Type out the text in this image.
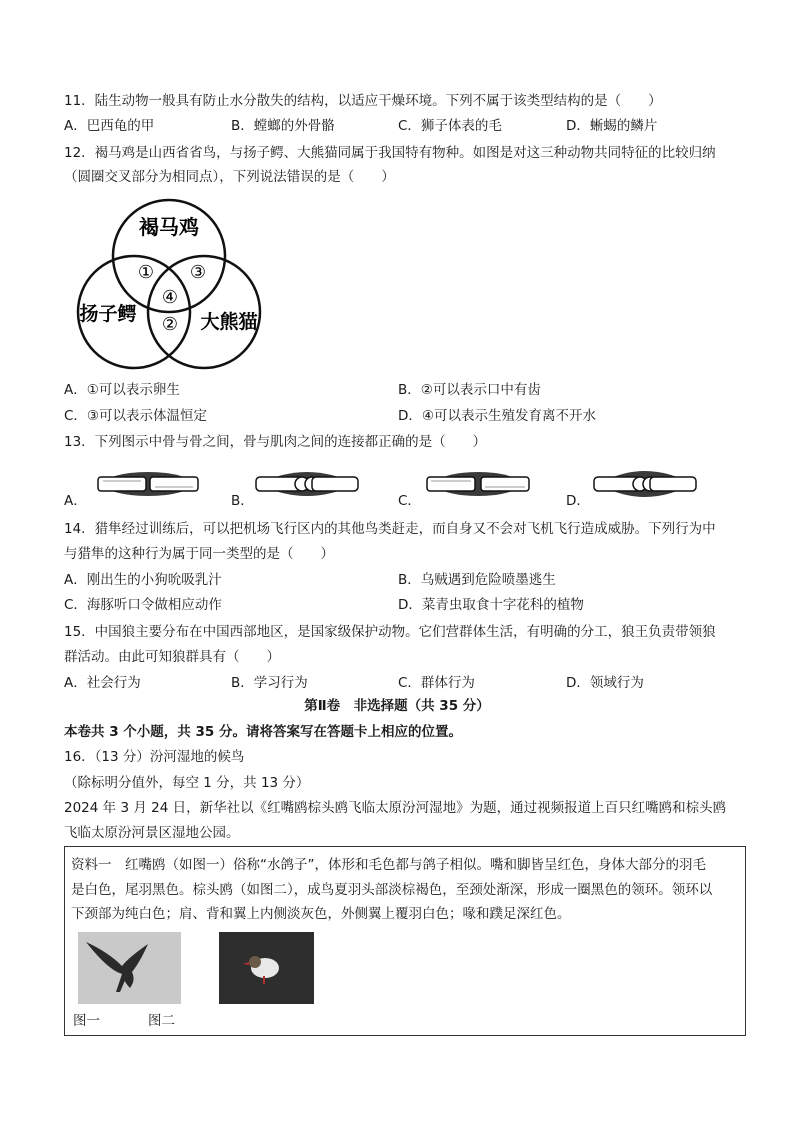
11．陆生动物一般具有防止水分散失的结构，以适应干燥环境。下列不属于该类型结构的是（　　）
A．巴西龟的甲	B．螳螂的外骨骼	C．狮子体表的毛	D．蜥蜴的鳞片
12．褐马鸡是山西省省鸟，与扬子鳄、大熊猫同属于我国特有物种。如图是对这三种动物共同特征的比较归纳
（圆圈交叉部分为相同点），下列说法错误的是（　　）
褐马鸡
扬子鳄	大熊猫
① ③
④
②
A．①可以表示卵生	B．②可以表示口中有齿
C．③可以表示体温恒定	D．④可以表示生殖发育离不开水
13．下列图示中骨与骨之间，骨与肌肉之间的连接都正确的是（　　）
A．	B．	C．	D．
14．猎隼经过训练后，可以把机场飞行区内的其他鸟类赶走，而自身又不会对飞机飞行造成威胁。下列行为中
与猎隼的这种行为属于同一类型的是（　　）
A．刚出生的小狗吮吸乳汁	B．乌贼遇到危险喷墨逃生
C．海豚听口令做相应动作	D．菜青虫取食十字花科的植物
15．中国狼主要分布在中国西部地区，是国家级保护动物。它们营群体生活，有明确的分工，狼王负责带领狼
群活动。由此可知狼群具有（　　）
A．社会行为	B．学习行为	C．群体行为	D．领域行为
第Ⅱ卷　非选择题（共 35 分）
本卷共 3 个小题，共 35 分。请将答案写在答题卡上相应的位置。
16．（13 分）汾河湿地的候鸟
（除标明分值外，每空 1 分，共 13 分）
2024 年 3 月 24 日，新华社以《红嘴鸥棕头鸥飞临太原汾河湿地》为题，通过视频报道上百只红嘴鸥和棕头鸥
飞临太原汾河景区湿地公园。
资料一　红嘴鸥（如图一）俗称“水鸽子”，体形和毛色都与鸽子相似。嘴和脚皆呈红色，身体大部分的羽毛
是白色，尾羽黑色。棕头鸥（如图二），成鸟夏羽头部淡棕褐色，至颈处渐深，形成一圈黑色的领环。领环以
下颈部为纯白色；肩、背和翼上内侧淡灰色，外侧翼上覆羽白色；喙和蹼足深红色。
图一	图二
